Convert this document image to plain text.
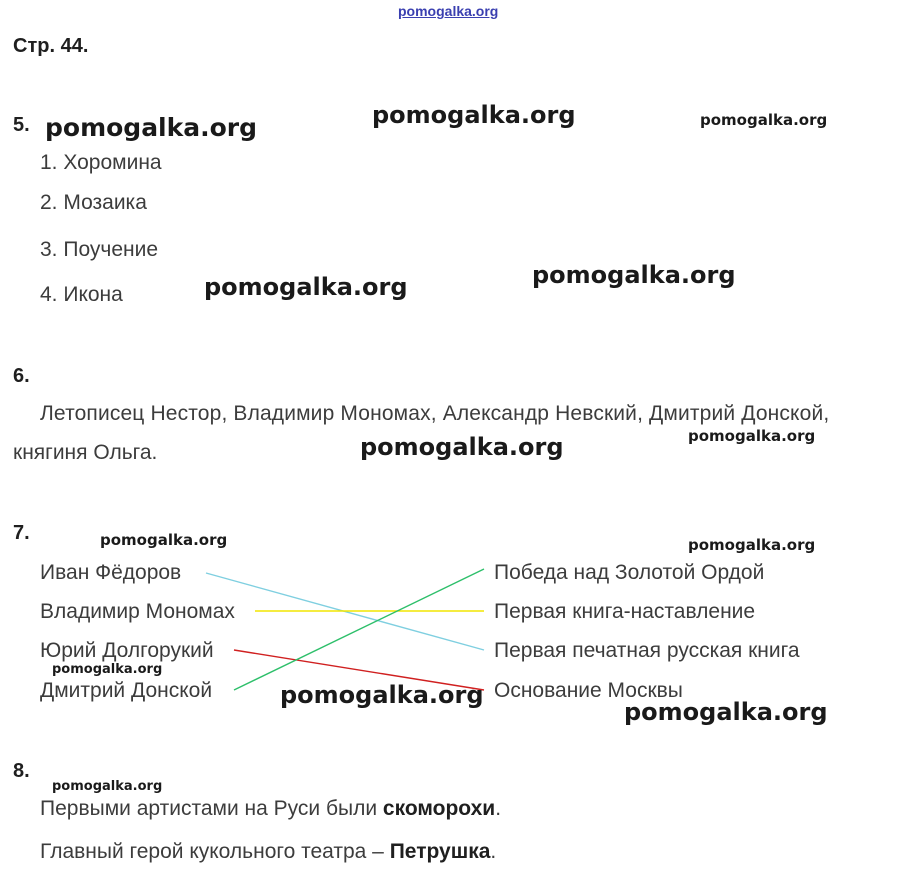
pomogalka.org
Стр. 44.
5. pomogalka.org	pomogalka.org	pomogalka.org
1. Хоромина
2. Мозаика
3. Поучение
4. Икона	pomogalka.org	pomogalka.org
6.
Летописец Нестор, Владимир Мономах, Александр Невский, Дмитрий Донской,
княгиня Ольга.	pomogalka.org	pomogalka.org
7.	pomogalka.org	pomogalka.org
Иван Фёдоров
Владимир Мономах
Юрий Долгорукий
pomogalka.org
Дмитрий Донской
Победа над Золотой Ордой
Первая книга-наставление
Первая печатная русская книга
Основание Москвы
pomogalka.org
pomogalka.org
8.
pomogalka.org
Первыми артистами на Руси были скоморохи.
Главный герой кукольного театра – Петрушка.
